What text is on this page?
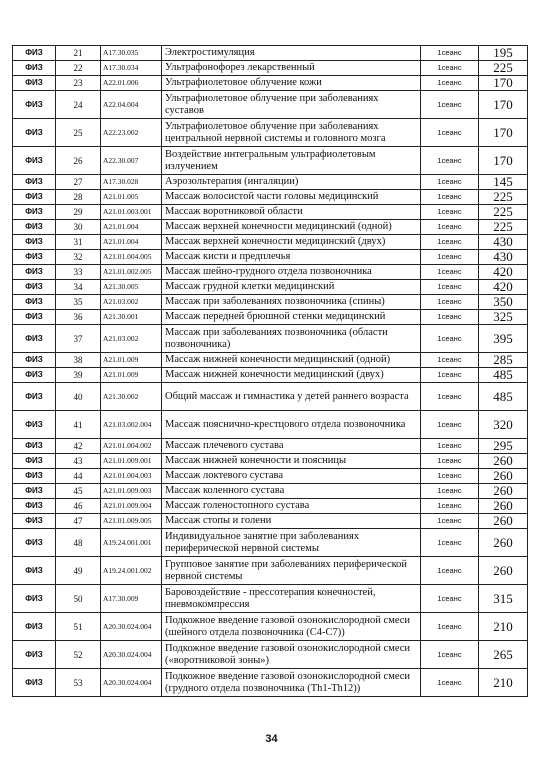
ФИЗ	21	A17.30.035	Электростимуляция	1сеанс	195
ФИЗ	22	A17.30.034	Ультрафонофорез лекарственный	1сеанс	225
ФИЗ	23	A22.01.006	Ультрафиолетовое облучение кожи	1сеанс	170
ФИЗ	24	A22.04.004	Ультрафиолетовое облучение при заболеваниях суставов	1сеанс	170
ФИЗ	25	A22.23.002	Ультрафиолетовое облучение при заболеваниях центральной нервной системы и головного мозга	1сеанс	170
ФИЗ	26	A22.30.007	Воздействие интегральным ультрафиолетовым излучением	1сеанс	170
ФИЗ	27	A17.30.028	Аэрозольтерапия (ингаляции)	1сеанс	145
ФИЗ	28	A21.01.005	Массаж волосистой части головы медицинский	1сеанс	225
ФИЗ	29	A21.01.003.001	Массаж воротниковой области	1сеанс	225
ФИЗ	30	A21.01.004	Массаж верхней конечности медицинский (одной)	1сеанс	225
ФИЗ	31	A21.01.004	Массаж верхней конечности медицинский (двух)	1сеанс	430
ФИЗ	32	A21.01.004.005	Массаж кисти и предплечья	1сеанс	430
ФИЗ	33	A21.01.002.005	Массаж шейно-грудного отдела позвоночника	1сеанс	420
ФИЗ	34	A21.30.005	Массаж грудной клетки медицинский	1сеанс	420
ФИЗ	35	A21.03.002	Массаж при заболеваниях позвоночника (спины)	1сеанс	350
ФИЗ	36	A21.30.001	Массаж передней брюшной стенки медицинский	1сеанс	325
ФИЗ	37	A21.03.002	Массаж при заболеваниях позвоночника (области позвоночника)	1сеанс	395
ФИЗ	38	A21.01.009	Массаж нижней конечности медицинский (одной)	1сеанс	285
ФИЗ	39	A21.01.009	Массаж нижней конечности медицинский (двух)	1сеанс	485
ФИЗ	40	A21.30.002	Общий массаж и гимнастика у детей раннего возраста	1сеанс	485
ФИЗ	41	A21.03.002.004	Массаж пояснично-крестцового отдела позвоночника	1сеанс	320
ФИЗ	42	A21.01.004.002	Массаж плечевого сустава	1сеанс	295
ФИЗ	43	A21.01.009.001	Массаж нижней конечности и поясницы	1сеанс	260
ФИЗ	44	A21.01.004.003	Массаж локтевого сустава	1сеанс	260
ФИЗ	45	A21.01.009.003	Массаж коленного сустава	1сеанс	260
ФИЗ	46	A21.01.009.004	Массаж голеностопного сустава	1сеанс	260
ФИЗ	47	A21.01.009.005	Массаж стопы и голени	1сеанс	260
ФИЗ	48	A19.24.001.001	Индивидуальное занятие при заболеваниях периферической нервной системы	1сеанс	260
ФИЗ	49	A19.24.001.002	Групповое занятие при заболеваниях периферической нервной системы	1сеанс	260
ФИЗ	50	A17.30.009	Баровоздействие - прессотерапия конечностей, пневмокомпрессия	1сеанс	315
ФИЗ	51	A20.30.024.004	Подкожное введение газовой озонокислородной смеси (шейного отдела позвоночника (С4-С7))	1сеанс	210
ФИЗ	52	A20.30.024.004	Подкожное введение газовой озонокислородной смеси («воротниковой зоны»)	1сеанс	265
ФИЗ	53	A20.30.024.004	Подкожное введение газовой озонокислородной смеси (грудного отдела позвоночника (Th1-Th12))	1сеанс	210
34
